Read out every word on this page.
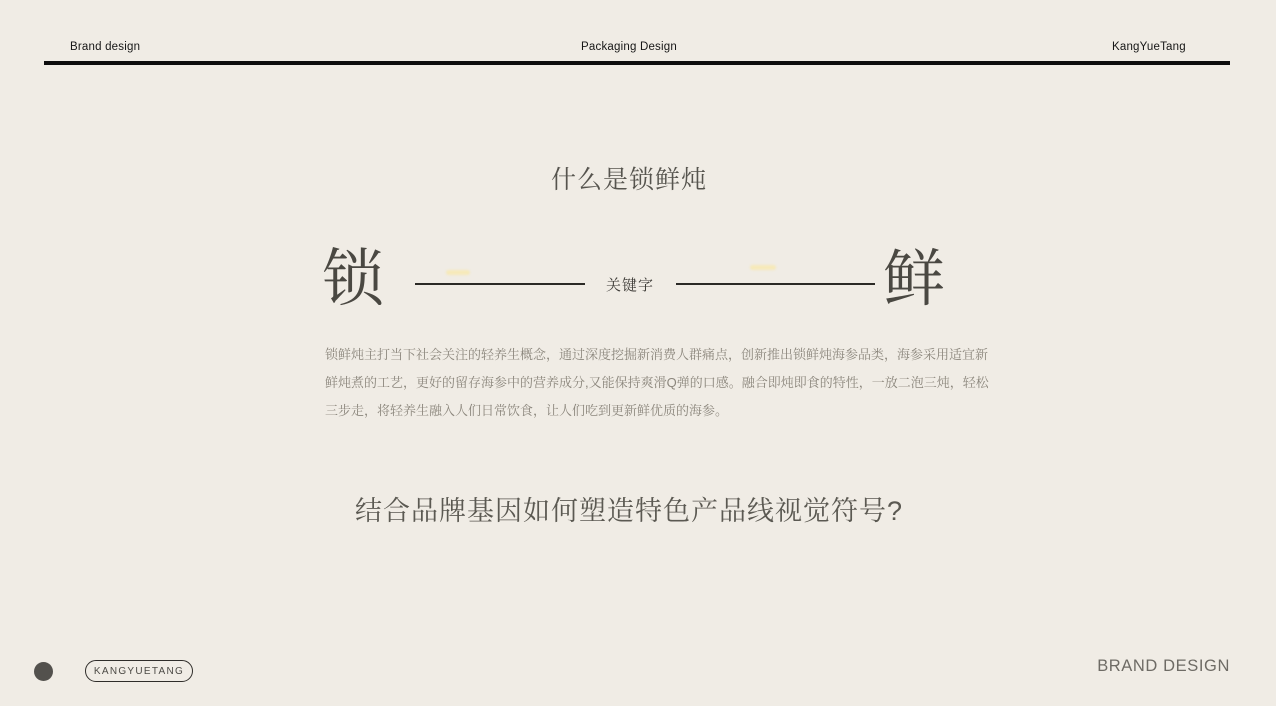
Brand design	Packaging Design	KangYueTang
什么是锁鲜炖
锁	关键字	鲜
锁鲜炖主打当下社会关注的轻养生概念，通过深度挖掘新消费人群痛点，创新推出锁鲜炖海参品类，海参采用适宜新
鲜炖煮的工艺，更好的留存海参中的营养成分,又能保持爽滑Q弹的口感。融合即炖即食的特性，一放二泡三炖，轻松
三步走，将轻养生融入人们日常饮食，让人们吃到更新鲜优质的海参。
结合品牌基因如何塑造特色产品线视觉符号?
KANGYUETANG	BRAND DESIGN
